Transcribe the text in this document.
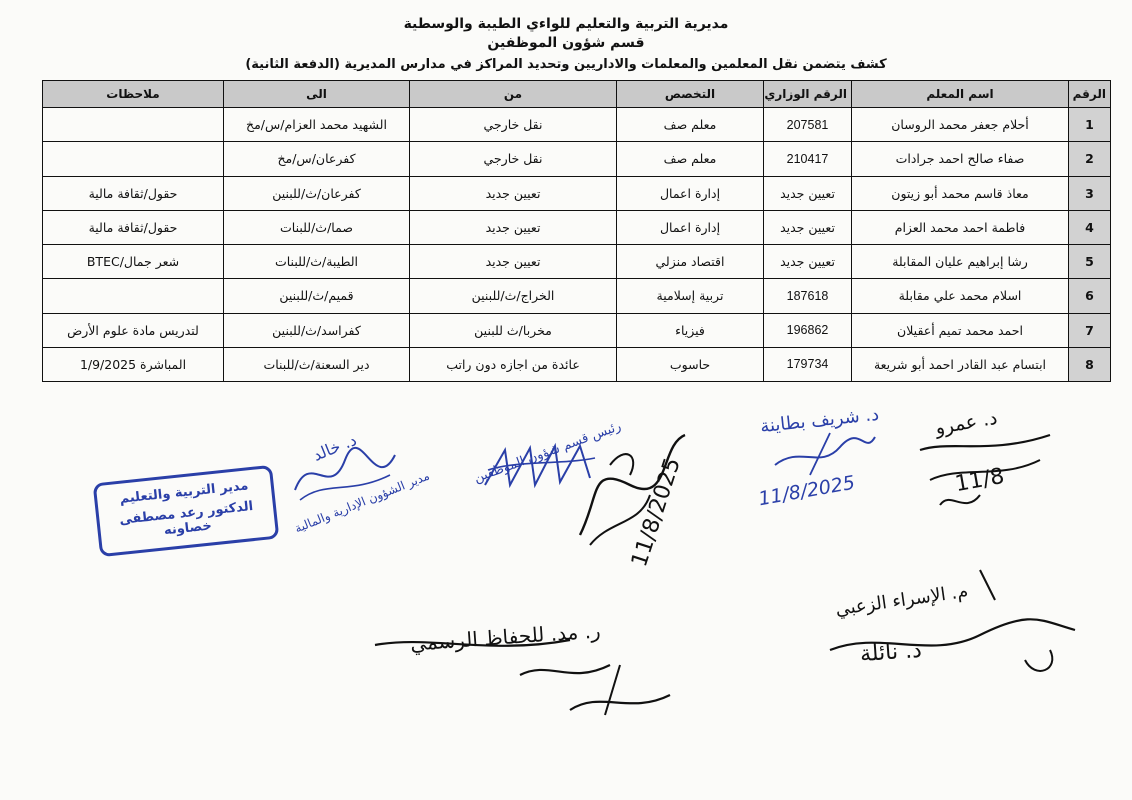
مديرية التربية والتعليم للواءي الطيبة والوسطية
قسم شؤون الموظفين
كشف يتضمن نقل المعلمين والمعلمات والاداريين وتحديد المراكز في مدارس المديرية (الدفعة الثانية)
الرقم	اسم المعلم	الرقم الوزاري	التخصص	من	الى	ملاحظات
1	أحلام جعفر محمد الروسان	207581	معلم صف	نقل خارجي	الشهيد محمد العزام/س/مخ	
2	صفاء صالح احمد جرادات	210417	معلم صف	نقل خارجي	كفرعان/س/مخ	
3	معاذ قاسم محمد أبو زيتون	تعيين جديد	إدارة اعمال	تعيين جديد	كفرعان/ث/للبنين	حقول/ثقافة مالية
4	فاطمة احمد محمد العزام	تعيين جديد	إدارة اعمال	تعيين جديد	صما/ث/للبنات	حقول/ثقافة مالية
5	رشا إبراهيم عليان المقابلة	تعيين جديد	اقتصاد منزلي	تعيين جديد	الطيبة/ث/للبنات	شعر جمال/BTEC
6	اسلام محمد علي مقابلة	187618	تربية إسلامية	الخراج/ث/للبنين	قميم/ث/للبنين	
7	احمد محمد تميم أعقيلان	196862	فيزياء	مخربا/ث للبنين	كفراسد/ث/للبنين	لتدريس مادة علوم الأرض
8	ابتسام عبد القادر احمد أبو شريعة	179734	حاسوب	عائدة من اجازه دون راتب	دير السعنة/ث/للبنات	المباشرة 1/9/2025
مدير التربية والتعليم
الدكتور رعد مصطفى خصاونه
د. خالد
مدير الشؤون الإدارية والمالية
رئيس قسم شؤون الموظفين	د. شريف بطاينة
11/8/2025
د. عمرو
11/8
11/8/2025
م. الإسراء الزعبي
د. نائلة
ر. مد. للحفاظ الرسمي
